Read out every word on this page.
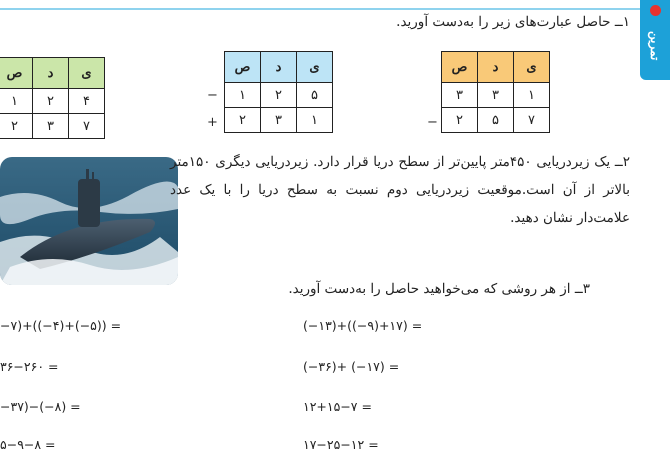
تمرین
۱ــ حاصل عبارت‌های زیر را به‌دست آورید.
ی	د	ص
۴	۲	۱
۷	۳	۲
ی	د	ص
۵	۲	۱
۱	۳	۲
−
+
ی	د	ص
۱	۳	۳
۷	۵	۲
−
۲ــ یک زیردریایی ۴۵۰متر پایین‌تر از سطح دریا قرار دارد. زیردریایی دیگری ۱۵۰متر بالاتر از آن است.موقعیت زیردریایی دوم نسبت به سطح دریا را با یک عدد علامت‌دار نشان دهید.
۳ــ از هر روشی که می‌خواهید حاصل را به‌دست آورید.
(−۱۳)+((−۹)+۱۷) =
(−۳۶)+ (−۱۷) =
۱۲+۱۵−۷ =
۱۷−۲۵−۱۲ =
−۷)+((−۴)+(−۵)) =
۳۶−۲۶۰ =
−۳۷)−(−۸) =
۵−۹−۸ =
